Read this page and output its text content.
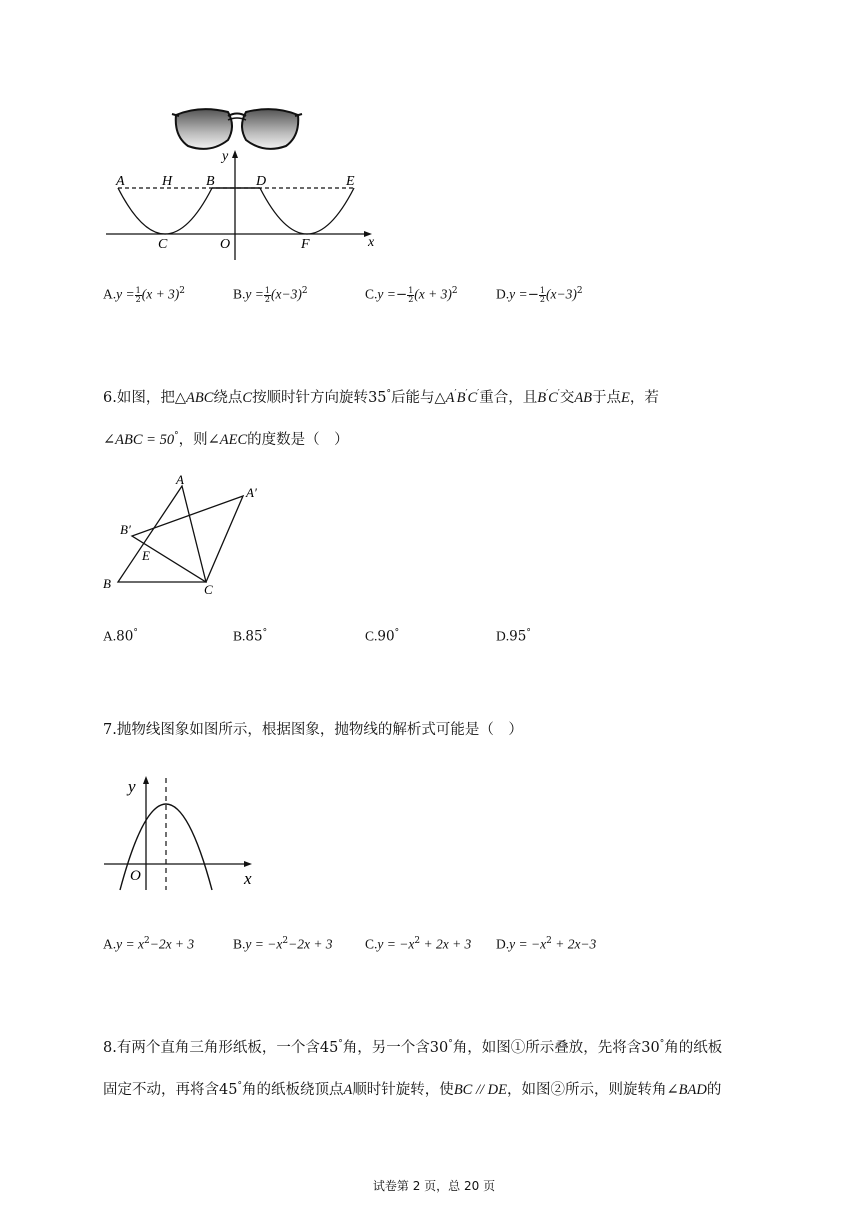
A	H B	D	E
y
C	O	F	x
$A.y = \frac{1}{2} (x + 3)^2$	$B.y = \frac{1}{2} (x-3)^2$	$C.y =- \frac{1}{2} (x + 3)^2$	$D.y =- \frac{1}{2} (x-3)^2$
6.如图，把△ABC绕点C按顺时针方向旋转35°后能与△A′B′C′重合，且B′C′交AB于点E，若
∠ABC = 50°，则∠AEC的度数是（　）
A
A′
B′
E
B	C
A.80°	B.85°	C.90°	D.95°
7.抛物线图象如图所示，根据图象，抛物线的解析式可能是（　）
y
O	x
$A.y = x^2-2x + 3$	$B.y = -x^2-2x + 3$ $C.y = -x^2 + 2x + 3$ $D.y = -x^2 + 2x-3$
8.有两个直角三角形纸板，一个含45°角，另一个含30°角，如图①所示叠放，先将含30°角的纸板
固定不动，再将含45°角的纸板绕顶点A顺时针旋转，使BC // DE，如图②所示，则旋转角∠BAD的
试卷第 2 页，总 20 页
